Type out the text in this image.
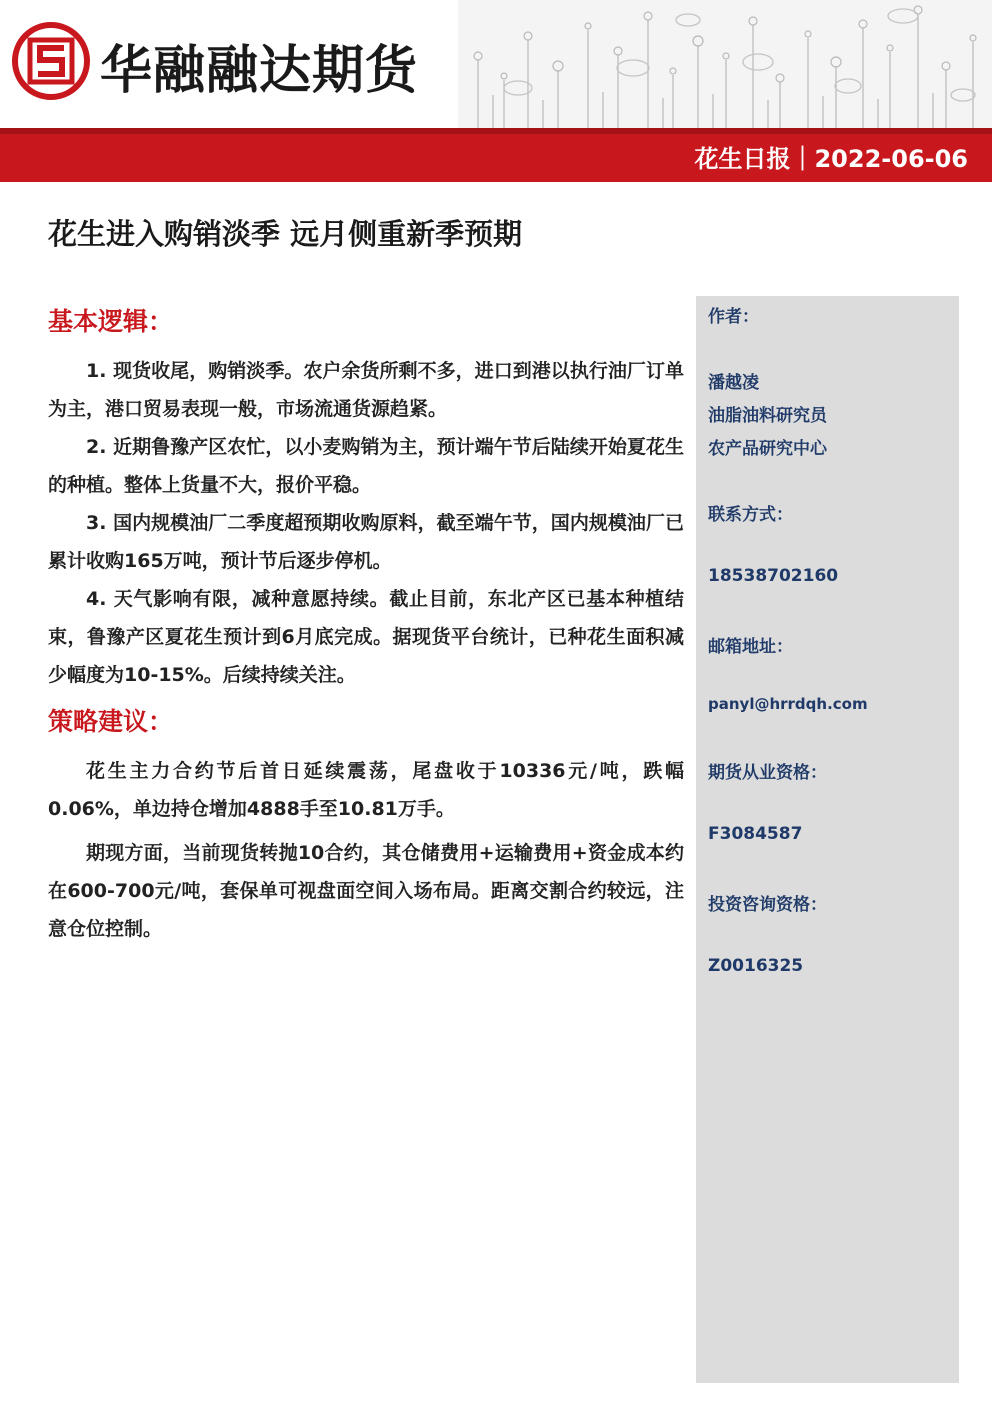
华融融达期货
花生日报｜2022-06-06
花生进入购销淡季 远月侧重新季预期
基本逻辑：

1. 现货收尾，购销淡季。农户余货所剩不多，进口到港以执行油厂订单为主，港口贸易表现一般，市场流通货源趋紧。

2. 近期鲁豫产区农忙，以小麦购销为主，预计端午节后陆续开始夏花生的种植。整体上货量不大，报价平稳。

3. 国内规模油厂二季度超预期收购原料，截至端午节，国内规模油厂已累计收购165万吨，预计节后逐步停机。

4. 天气影响有限，减种意愿持续。截止目前，东北产区已基本种植结束，鲁豫产区夏花生预计到6月底完成。据现货平台统计，已种花生面积减少幅度为10-15%。后续持续关注。

策略建议：

花生主力合约节后首日延续震荡，尾盘收于10336元/吨，跌幅0.06%，单边持仓增加4888手至10.81万手。

期现方面，当前现货转抛10合约，其仓储费用+运输费用+资金成本约在600-700元/吨，套保单可视盘面空间入场布局。距离交割合约较远，注意仓位控制。

作者：
潘越凌
油脂油料研究员
农产品研究中心
联系方式：
18538702160
邮箱地址：
panyl@hrrdqh.com
期货从业资格：
F3084587
投资咨询资格：
Z0016325
